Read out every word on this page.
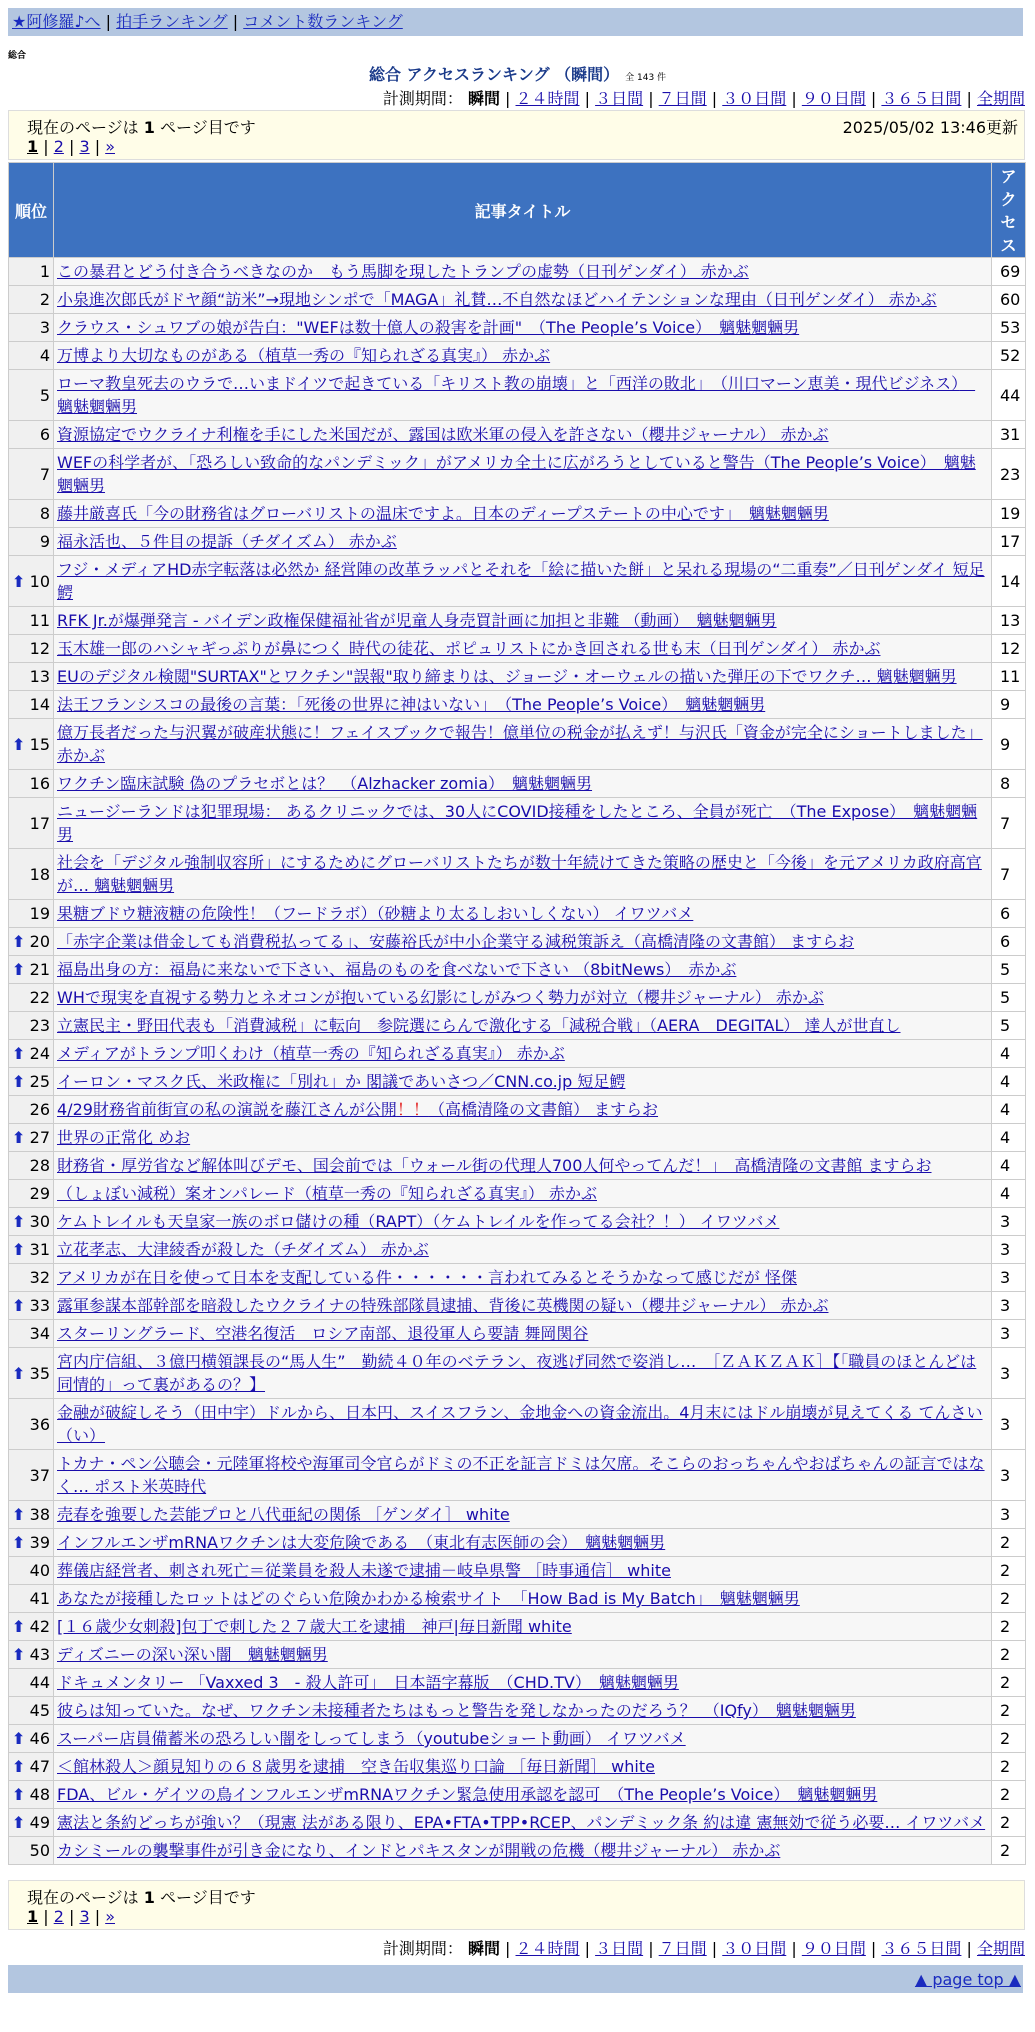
★阿修羅♪へ | 拍手ランキング | コメント数ランキング
総合
総合 アクセスランキング （瞬間） 全 143 件
計測期間： 瞬間 | ２４時間 | ３日間 | ７日間 | ３０日間 | ９０日間 | ３６５日間 | 全期間
現在のページは 1 ページ目です	2025/05/02 13:46更新
1 | 2 | 3 | »
順位	記事タイトル	アクセス
1	この暴君とどう付き合うべきなのか　もう馬脚を現したトランプの虚勢（日刊ゲンダイ） 赤かぶ	69
2	小泉進次郎氏がドヤ顔“訪米”→現地シンポで「MAGA」礼賛…不自然なほどハイテンションな理由（日刊ゲンダイ） 赤かぶ	60
3	クラウス・シュワブの娘が告白："WEFは数十億人の殺害を計画"　（The People’s Voice）　魑魅魍魎男	53
4	万博より大切なものがある（植草一秀の『知られざる真実』） 赤かぶ	52
5	ローマ教皇死去のウラで…いまドイツで起きている「キリスト教の崩壊」と「西洋の敗北」　（川口マーン恵美・現代ビジネス）　魑魅魍魎男	44
6	資源協定でウクライナ利権を手にした米国だが、露国は欧米軍の侵入を許さない（櫻井ジャーナル） 赤かぶ	31
7	WEFの科学者が、「恐ろしい致命的なパンデミック」がアメリカ全土に広がろうとしていると警告（The People’s Voice）　魑魅魍魎男	23
8	藤井厳喜氏「今の財務省はグローバリストの温床ですよ。日本のディープステートの中心です」　魑魅魍魎男	19
9	福永活也、５件目の提訴（チダイズム） 赤かぶ	17

⬆ 10	フジ・メディアHD赤字転落は必然か 経営陣の改革ラッパとそれを「絵に描いた餅」と呆れる現場の“二重奏”／日刊ゲンダイ 短足鰐	14
11	RFK Jr.が爆弾発言 - バイデン政権保健福祉省が児童人身売買計画に加担と非難 （動画）　魑魅魍魎男	13
12	玉木雄一郎のハシャギっぷりが鼻につく 時代の徒花、ポピュリストにかき回される世も末（日刊ゲンダイ） 赤かぶ	12
13	EUのデジタル検閲"SURTAX"とワクチン"誤報"取り締まりは、ジョージ・オーウェルの描いた弾圧の下でワクチ… 魑魅魍魎男	11
14	法王フランシスコの最後の言葉：「死後の世界に神はいない」　（The People’s Voice）　魑魅魍魎男	9

⬆ 15	億万長者だった与沢翼が破産状態に！フェイスブックで報告！億単位の税金が払えず！与沢氏「資金が完全にショートしました」 赤かぶ	9
16	ワクチン臨床試験 偽のプラセボとは？　（Alzhacker zomia）　魑魅魍魎男	8
17	ニュージーランドは犯罪現場： あるクリニックでは、30人にCOVID接種をしたところ、全員が死亡　（The Expose）　魑魅魍魎男	7
18	社会を「デジタル強制収容所」にするためにグローバリストたちが数十年続けてきた策略の歴史と「今後」を元アメリカ政府高官が… 魑魅魍魎男	7
19	果糖ブドウ糖液糖の危険性！（フードラボ）（砂糖より太るしおいしくない） イワツバメ	6

⬆ 20	「赤字企業は借金しても消費税払ってる」、安藤裕氏が中小企業守る減税策訴え（高橋清隆の文書館） ますらお	6

⬆ 21	福島出身の方：福島に来ないで下さい、福島のものを食べないで下さい （8bitNews）　赤かぶ	5
22	WHで現実を直視する勢力とネオコンが抱いている幻影にしがみつく勢力が対立（櫻井ジャーナル） 赤かぶ	5
23	立憲民主・野田代表も「消費減税」に転向　参院選にらんで激化する「減税合戦」（AERA　DEGITAL） 達人が世直し	5

⬆ 24	メディアがトランプ叩くわけ（植草一秀の『知られざる真実』） 赤かぶ	4

⬆ 25	イーロン・マスク氏、米政権に「別れ」か 閣議であいさつ／CNN.co.jp 短足鰐	4
26	4/29財務省前街宣の私の演説を藤江さんが公開！！（高橋清隆の文書館） ますらお	4

⬆ 27	世界の正常化 めお	4
28	財務省・厚労省など解体叫びデモ、国会前では「ウォール街の代理人700人何やってんだ！」　高橋清隆の文書館 ますらお	4
29	（しょぼい減税）案オンパレード（植草一秀の『知られざる真実』） 赤かぶ	4

⬆ 30	ケムトレイルも天皇家一族のボロ儲けの種（RAPT）（ケムトレイルを作ってる会社？！） イワツバメ	3

⬆ 31	立花孝志、大津綾香が殺した（チダイズム） 赤かぶ	3
32	アメリカが在日を使って日本を支配している件・・・・・・言われてみるとそうかなって感じだが 怪傑	3

⬆ 33	露軍参謀本部幹部を暗殺したウクライナの特殊部隊員逮捕、背後に英機関の疑い（櫻井ジャーナル） 赤かぶ	3
34	スターリングラード、空港名復活　ロシア南部、退役軍人ら要請 舞岡関谷	3

⬆ 35	宮内庁信組、３億円横領課長の“馬人生”　勤続４０年のベテラン、夜逃げ同然で姿消し…　［ＺＡＫＺＡＫ］【「職員のほとんどは同情的」って裏があるの？】	3
36	金融が破綻しそう（田中宇）ドルから、日本円、スイスフラン、金地金への資金流出。4月末にはドル崩壊が見えてくる てんさい（い）	3
37	トカナ・ペン公聴会・元陸軍将校や海軍司令官らがドミの不正を証言ドミは欠席。そこらのおっちゃんやおばちゃんの証言ではなく… ポスト米英時代	3

⬆ 38	売春を強要した芸能プロと八代亜紀の関係 ［ゲンダイ］ white	3

⬆ 39	インフルエンザmRNAワクチンは大変危険である　（東北有志医師の会）　魑魅魍魎男	2
40	葬儀店経営者、刺され死亡＝従業員を殺人未遂で逮捕－岐阜県警 ［時事通信］ white	2
41	あなたが接種したロットはどのぐらい危険かわかる検索サイト　「How Bad is My Batch」　魑魅魍魎男	2

⬆ 42	[１６歳少女刺殺]包丁で刺した２７歳大工を逮捕　神戸|毎日新聞 white	2

⬆ 43	ディズニーの深い深い闇　魑魅魍魎男	2
44	ドキュメンタリー 「Vaxxed 3　- 殺人許可」　日本語字幕版　（CHD.TV）　魑魅魍魎男	2
45	彼らは知っていた。なぜ、ワクチン未接種者たちはもっと警告を発しなかったのだろう？　（IQfy）　魑魅魍魎男	2

⬆ 46	スーパー店員備蓄米の恐ろしい闇をしってしまう（youtubeショート動画） イワツバメ	2

⬆ 47	＜館林殺人＞顔見知りの６８歳男を逮捕　空き缶収集巡り口論 ［毎日新聞］ white	2

⬆ 48	FDA、ビル・ゲイツの鳥インフルエンザmRNAワクチン緊急使用承認を認可　（The People’s Voice）　魑魅魍魎男	2

⬆ 49	憲法と条約どっちが強い？（現憲 法がある限り、EPA•FTA•TPP•RCEP、パンデミック条 約は違 憲無効で従う必要… イワツバメ	2
50	カシミールの襲撃事件が引き金になり、インドとパキスタンが開戦の危機（櫻井ジャーナル） 赤かぶ	2
現在のページは 1 ページ目です
1 | 2 | 3 | »
計測期間： 瞬間 | ２４時間 | ３日間 | ７日間 | ３０日間 | ９０日間 | ３６５日間 | 全期間
▲ page top ▲
